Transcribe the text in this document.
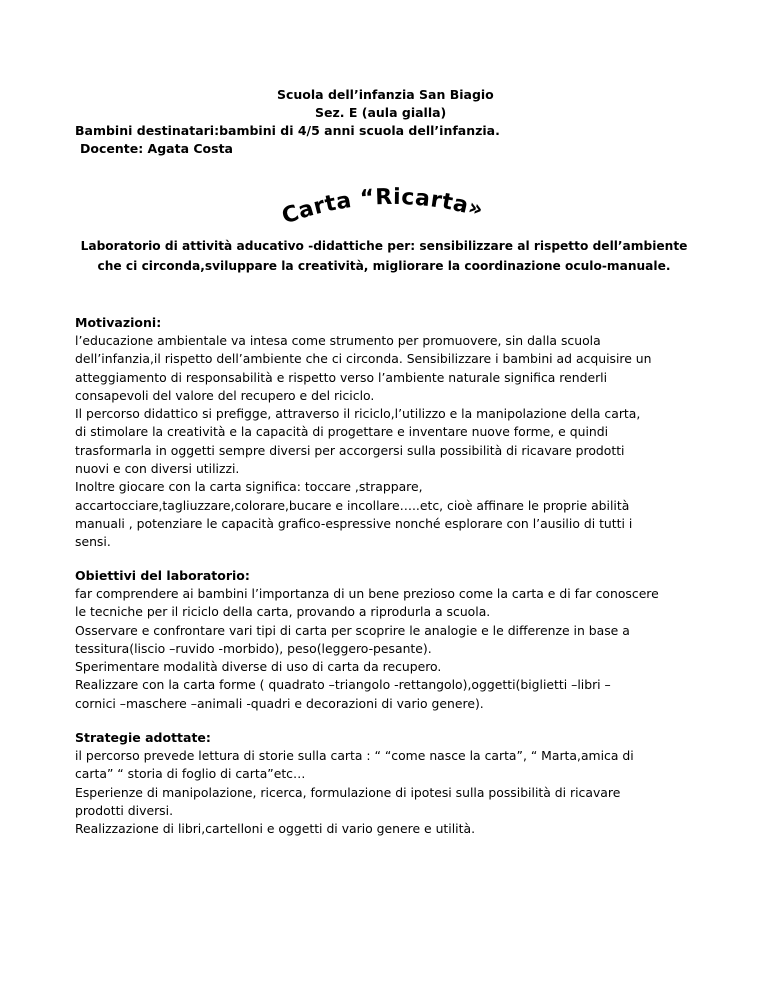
Scuola dell’infanzia San Biagio
Sez. E (aula gialla)
Bambini destinatari:bambini di 4/5 anni scuola dell’infanzia.
Docente: Agata Costa
Carta “Ricarta»
Laboratorio di attività aducativo -didattiche per: sensibilizzare al rispetto dell’ambiente
che ci circonda,sviluppare la creatività, migliorare la coordinazione oculo-manuale.
Motivazioni:
l’educazione ambientale va intesa come strumento per promuovere, sin dalla scuola
dell’infanzia,il rispetto dell’ambiente che ci circonda. Sensibilizzare i bambini ad acquisire un
atteggiamento di responsabilità e rispetto verso l’ambiente naturale significa renderli
consapevoli del valore del recupero e del riciclo.
Il percorso didattico si prefigge, attraverso il riciclo,l’utilizzo e la manipolazione della carta,
di stimolare la creatività e la capacità di progettare e inventare nuove forme, e quindi
trasformarla in oggetti sempre diversi per accorgersi sulla possibilità di ricavare prodotti
nuovi e con diversi utilizzi.
Inoltre giocare con la carta significa: toccare ,strappare,
accartocciare,tagliuzzare,colorare,bucare e incollare…..etc, cioè affinare le proprie abilità
manuali , potenziare le capacità grafico-espressive nonché esplorare con l’ausilio di tutti i
sensi.
Obiettivi del laboratorio:
far comprendere ai bambini l’importanza di un bene prezioso come la carta e di far conoscere
le tecniche per il riciclo della carta, provando a riprodurla a scuola.
Osservare e confrontare vari tipi di carta per scoprire le analogie e le differenze in base a
tessitura(liscio –ruvido -morbido), peso(leggero-pesante).
Sperimentare modalità diverse di uso di carta da recupero.
Realizzare con la carta forme ( quadrato –triangolo -rettangolo),oggetti(biglietti –libri –
cornici –maschere –animali -quadri e decorazioni di vario genere).
Strategie adottate:
il percorso prevede lettura di storie sulla carta : “ “come nasce la carta”, “ Marta,amica di
carta” “ storia di foglio di carta”etc…
Esperienze di manipolazione, ricerca, formulazione di ipotesi sulla possibilità di ricavare
prodotti diversi.
Realizzazione di libri,cartelloni e oggetti di vario genere e utilità.
